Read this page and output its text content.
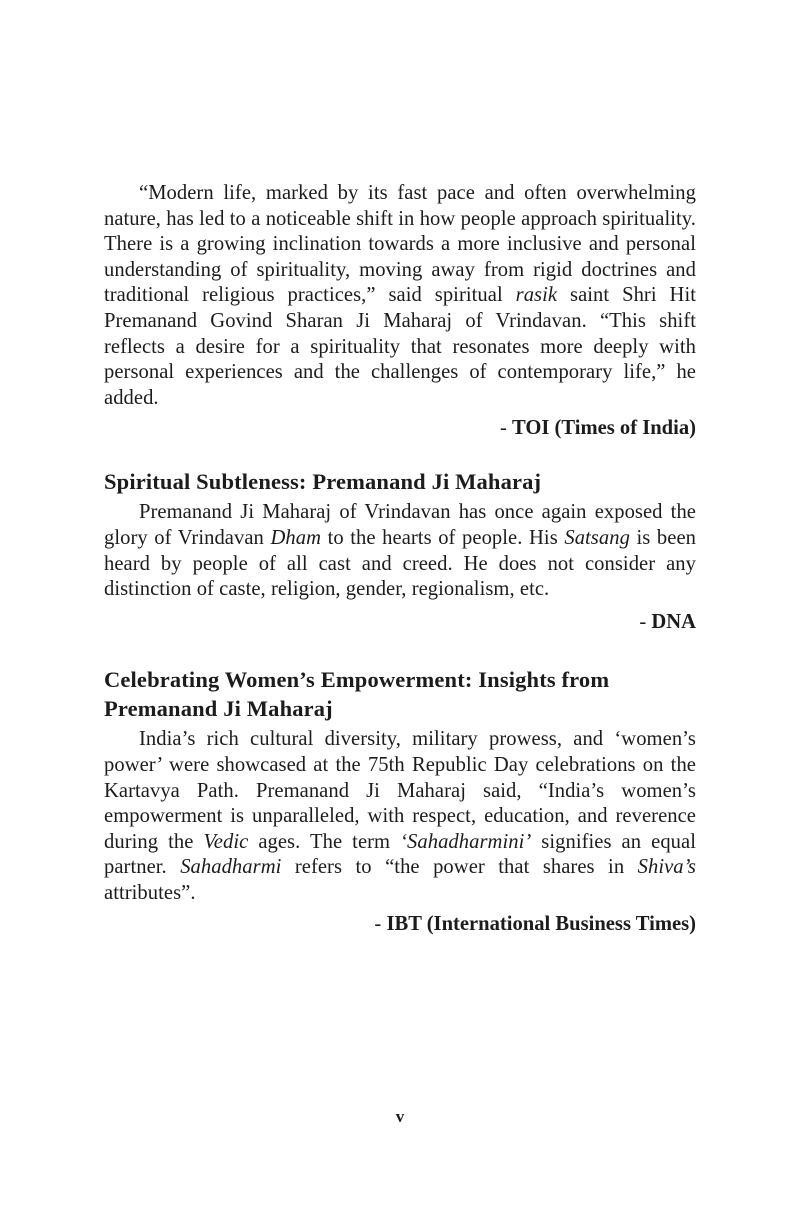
“Modern life, marked by its fast pace and often overwhelming nature, has led to a noticeable shift in how people approach spirituality. There is a growing inclination towards a more inclusive and personal understanding of spirituality, moving away from rigid doctrines and traditional religious practices,” said spiritual rasik saint Shri Hit Premanand Govind Sharan Ji Maharaj of Vrindavan. “This shift reflects a desire for a spirituality that resonates more deeply with personal experiences and the challenges of contemporary life,” he added.

- TOI (Times of India)
Spiritual Subtleness: Premanand Ji Maharaj

Premanand Ji Maharaj of Vrindavan has once again exposed the glory of Vrindavan Dham to the hearts of people. His Satsang is been heard by people of all cast and creed. He does not consider any distinction of caste, religion, gender, regionalism, etc.

- DNA
Celebrating Women’s Empowerment: Insights from Premanand Ji Maharaj

India’s rich cultural diversity, military prowess, and ‘women’s power’ were showcased at the 75th Republic Day celebrations on the Kartavya Path. Premanand Ji Maharaj said, “India’s women’s empowerment is unparalleled, with respect, education, and reverence during the Vedic ages. The term ‘Sahadharmini’ signifies an equal partner. Sahadharmi refers to “the power that shares in Shiva’s attributes”.

- IBT (International Business Times)
v
